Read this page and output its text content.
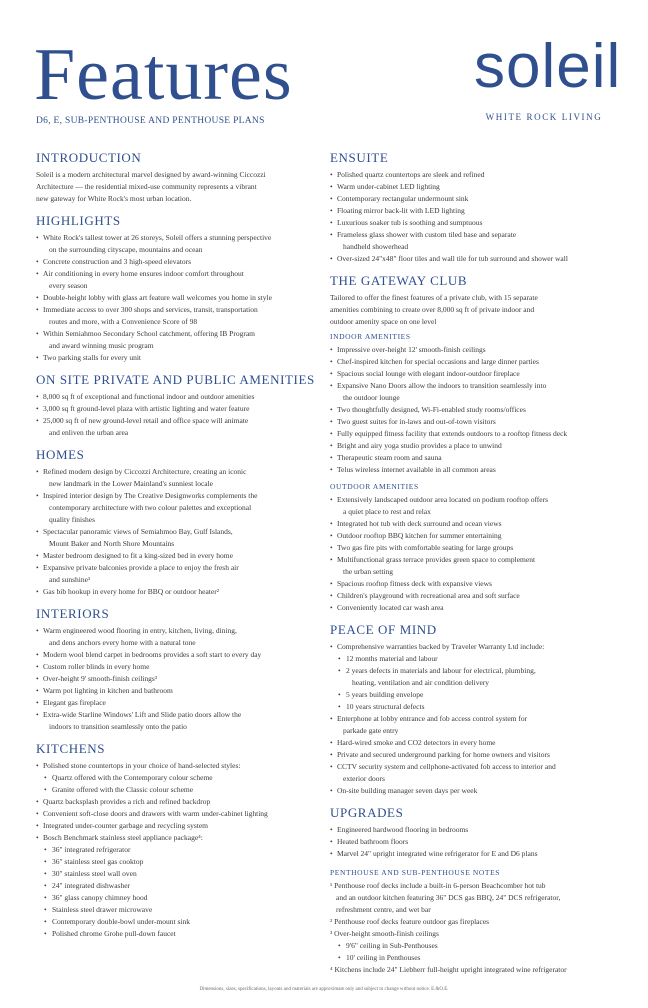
Features
D6, E, SUB-PENTHOUSE AND PENTHOUSE PLANS
soleil
WHITE ROCK LIVING
INTRODUCTION
Soleil is a modern architectural marvel designed by award-winning Ciccozzi
Architecture — the residential mixed-use community represents a vibrant
new gateway for White Rock's most urban location.
HIGHLIGHTS
• White Rock's tallest tower at 26 storeys, Soleil offers a stunning perspective
on the surrounding cityscape, mountains and ocean
• Concrete construction and 3 high-speed elevators
• Air conditioning in every home ensures indoor comfort throughout
every season
• Double-height lobby with glass art feature wall welcomes you home in style
• Immediate access to over 300 shops and services, transit, transportation
routes and more, with a Convenience Score of 98
• Within Semiahmoo Secondary School catchment, offering IB Program
and award winning music program
• Two parking stalls for every unit
ON SITE PRIVATE AND PUBLIC AMENITIES
• 8,000 sq ft of exceptional and functional indoor and outdoor amenities
• 3,000 sq ft ground-level plaza with artistic lighting and water feature
• 25,000 sq ft of new ground-level retail and office space will animate
and enliven the urban area
HOMES
• Refined modern design by Ciccozzi Architecture, creating an iconic
new landmark in the Lower Mainland's sunniest locale
• Inspired interior design by The Creative Designworks complements the
contemporary architecture with two colour palettes and exceptional
quality finishes
• Spectacular panoramic views of Semiahmoo Bay, Gulf Islands,
Mount Baker and North Shore Mountains
• Master bedroom designed to fit a king-sized bed in every home
• Expansive private balconies provide a place to enjoy the fresh air
and sunshine¹
• Gas bib hookup in every home for BBQ or outdoor heater²
INTERIORS
• Warm engineered wood flooring in entry, kitchen, living, dining,
and dens anchors every home with a natural tone
• Modern wool blend carpet in bedrooms provides a soft start to every day
• Custom roller blinds in every home
• Over-height 9' smooth-finish ceilings³
• Warm pot lighting in kitchen and bathroom
• Elegant gas fireplace
• Extra-wide Starline Windows' Lift and Slide patio doors allow the
indoors to transition seamlessly onto the patio
KITCHENS
• Polished stone countertops in your choice of hand-selected styles:
• Quartz offered with the Contemporary colour scheme
• Granite offered with the Classic colour scheme
• Quartz backsplash provides a rich and refined backdrop
• Convenient soft-close doors and drawers with warm under-cabinet lighting
• Integrated under-counter garbage and recycling system
• Bosch Benchmark stainless steel appliance package⁴:
• 36" integrated refrigerator
• 36" stainless steel gas cooktop
• 30" stainless steel wall oven
• 24" integrated dishwasher
• 36" glass canopy chimney hood
• Stainless steel drawer microwave
• Contemporary double-bowl under-mount sink
• Polished chrome Grohe pull-down faucet
ENSUITE
• Polished quartz countertops are sleek and refined
• Warm under-cabinet LED lighting
• Contemporary rectangular undermount sink
• Floating mirror back-lit with LED lighting
• Luxurious soaker tub is soothing and sumptuous
• Frameless glass shower with custom tiled base and separate
handheld showerhead
• Over-sized 24"x48" floor tiles and wall tile for tub surround and shower wall
THE GATEWAY CLUB
Tailored to offer the finest features of a private club, with 15 separate
amenities combining to create over 8,000 sq ft of private indoor and
outdoor amenity space on one level
INDOOR AMENITIES
• Impressive over-height 12' smooth-finish ceilings
• Chef-inspired kitchen for special occasions and large dinner parties
• Spacious social lounge with elegant indoor-outdoor fireplace
• Expansive Nano Doors allow the indoors to transition seamlessly into
the outdoor lounge
• Two thoughtfully designed, Wi-Fi-enabled study rooms/offices
• Two guest suites for in-laws and out-of-town visitors
• Fully equipped fitness facility that extends outdoors to a rooftop fitness deck
• Bright and airy yoga studio provides a place to unwind
• Therapeutic steam room and sauna
• Telus wireless internet available in all common areas
OUTDOOR AMENITIES
• Extensively landscaped outdoor area located on podium rooftop offers
a quiet place to rest and relax
• Integrated hot tub with deck surround and ocean views
• Outdoor rooftop BBQ kitchen for summer entertaining
• Two gas fire pits with comfortable seating for large groups
• Multifunctional grass terrace provides green space to complement
the urban setting
• Spacious rooftop fitness deck with expansive views
• Children's playground with recreational area and soft surface
• Conveniently located car wash area
PEACE OF MIND
• Comprehensive warranties backed by Traveler Warranty Ltd include:
• 12 months material and labour
• 2 years defects in materials and labour for electrical, plumbing,
heating, ventilation and air condition delivery
• 5 years building envelope
• 10 years structural defects
• Enterphone at lobby entrance and fob access control system for
parkade gate entry
• Hard-wired smoke and CO2 detectors in every home
• Private and secured underground parking for home owners and visitors
• CCTV security system and cellphone-activated fob access to interior and
exterior doors
• On-site building manager seven days per week
UPGRADES
• Engineered hardwood flooring in bedrooms
• Heated bathroom floors
• Marvel 24" upright integrated wine refrigerator for E and D6 plans
PENTHOUSE AND SUB-PENTHOUSE NOTES
¹ Penthouse roof decks include a built-in 6-person Beachcomber hot tub
and an outdoor kitchen featuring 36" DCS gas BBQ, 24" DCS refrigerator,
refreshment centre, and wet bar
² Penthouse roof decks feature outdoor gas fireplaces
³ Over-height smooth-finish ceilings
• 9'6" ceiling in Sub-Penthouses
• 10' ceiling in Penthouses
⁴ Kitchens include 24" Liebherr full-height upright integrated wine refrigerator
Dimensions, sizes, specifications, layouts and materials are approximate only and subject to change without notice. E.&O.E.
